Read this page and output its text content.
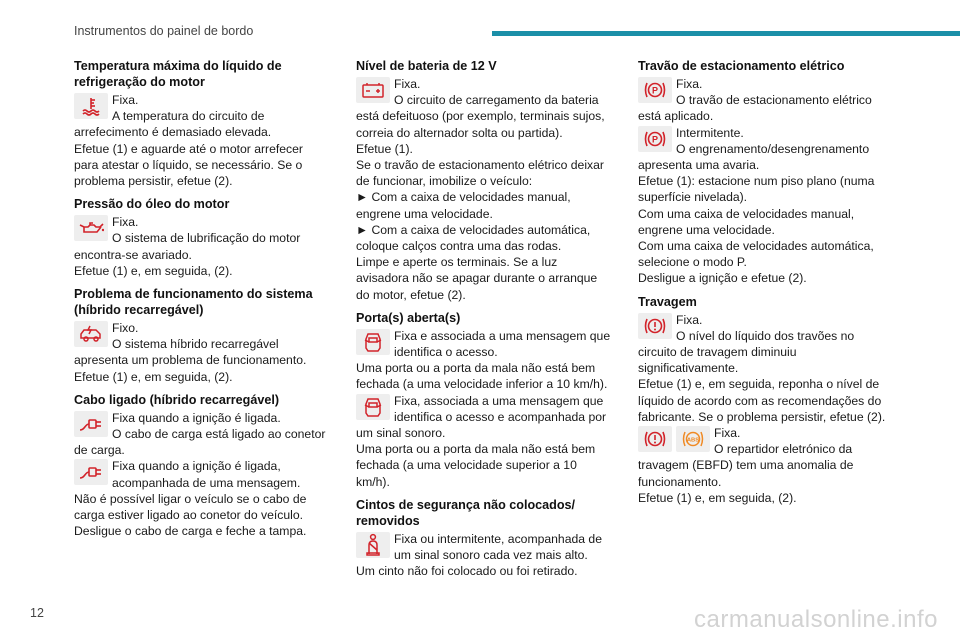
Instrumentos do painel de bordo
Temperatura máxima do líquido de refrigeração do motor
Fixa.
A temperatura do circuito de arrefecimento é demasiado elevada.
Efetue (1) e aguarde até o motor arrefecer para atestar o líquido, se necessário. Se o problema persistir, efetue (2).
Pressão do óleo do motor
Fixa.
O sistema de lubrificação do motor encontra-se avariado.
Efetue (1) e, em seguida, (2).
Problema de funcionamento do sistema (híbrido recarregável)
Fixo.
O sistema híbrido recarregável apresenta um problema de funcionamento.
Efetue (1) e, em seguida, (2).
Cabo ligado (híbrido recarregável)
Fixa quando a ignição é ligada.
O cabo de carga está ligado ao conetor de carga.
Fixa quando a ignição é ligada, acompanhada de uma mensagem.
Não é possível ligar o veículo se o cabo de carga estiver ligado ao conetor do veículo.
Desligue o cabo de carga e feche a tampa.
Nível de bateria de 12 V
Fixa.
O circuito de carregamento da bateria está defeituoso (por exemplo, terminais sujos, correia do alternador solta ou partida).
Efetue (1).
Se o travão de estacionamento elétrico deixar de funcionar, imobilize o veículo:
► Com a caixa de velocidades manual, engrene uma velocidade.
► Com a caixa de velocidades automática, coloque calços contra uma das rodas.
Limpe e aperte os terminais. Se a luz avisadora não se apagar durante o arranque do motor, efetue (2).
Porta(s) aberta(s)
Fixa e associada a uma mensagem que identifica o acesso.
Uma porta ou a porta da mala não está bem fechada (a uma velocidade inferior a 10 km/h).
Fixa, associada a uma mensagem que identifica o acesso e acompanhada por um sinal sonoro.
Uma porta ou a porta da mala não está bem fechada (a uma velocidade superior a 10 km/h).
Cintos de segurança não colocados/ removidos
Fixa ou intermitente, acompanhada de um sinal sonoro cada vez mais alto.
Um cinto não foi colocado ou foi retirado.
Travão de estacionamento elétrico
P	Fixa.
O travão de estacionamento elétrico está aplicado.
P	Intermitente.
O engrenamento/desengrenamento apresenta uma avaria.
Efetue (1): estacione num piso plano (numa superfície nivelada).
Com uma caixa de velocidades manual, engrene uma velocidade.
Com uma caixa de velocidades automática, selecione o modo P.
Desligue a ignição e efetue (2).
Travagem
Fixa.
O nível do líquido dos travões no circuito de travagem diminuiu significativamente.
Efetue (1) e, em seguida, reponha o nível de líquido de acordo com as recomendações do fabricante. Se o problema persistir, efetue (2).
ABS
Fixa.
O repartidor eletrónico da travagem (EBFD) tem uma anomalia de funcionamento.
Efetue (1) e, em seguida, (2).
12	carmanualsonline.info
